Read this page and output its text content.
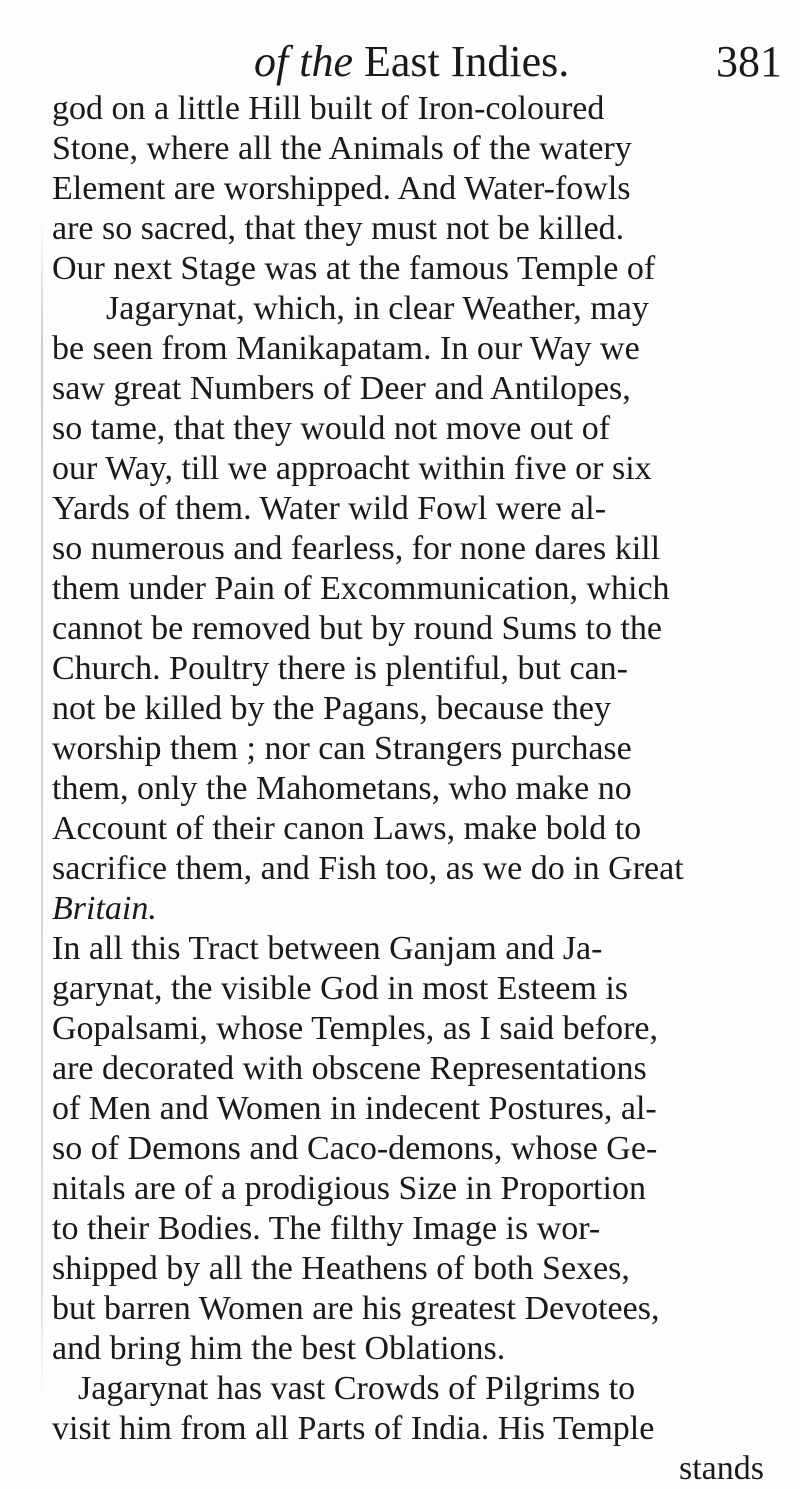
of the East Indies.	381
god on a little Hill built of Iron-coloured
Stone, where all the Animals of the watery
Element are worshipped. And Water-fowls
are so sacred, that they must not be killed.
Our next Stage was at the famous Temple of
Jagarynat, which, in clear Weather, may
be seen from Manikapatam. In our Way we
saw great Numbers of Deer and Antilopes,
so tame, that they would not move out of
our Way, till we approacht within five or six
Yards of them. Water wild Fowl were al-
so numerous and fearless, for none dares kill
them under Pain of Excommunication, which
cannot be removed but by round Sums to the
Church. Poultry there is plentiful, but can-
not be killed by the Pagans, because they
worship them ; nor can Strangers purchase
them, only the Mahometans, who make no
Account of their canon Laws, make bold to
sacrifice them, and Fish too, as we do in Great
Britain.
In all this Tract between Ganjam and Ja-
garynat, the visible God in most Esteem is
Gopalsami, whose Temples, as I said before,
are decorated with obscene Representations
of Men and Women in indecent Postures, al-
so of Demons and Caco-demons, whose Ge-
nitals are of a prodigious Size in Proportion
to their Bodies. The filthy Image is wor-
shipped by all the Heathens of both Sexes,
but barren Women are his greatest Devotees,
and bring him the best Oblations.
Jagarynat has vast Crowds of Pilgrims to
visit him from all Parts of India. His Temple
stands
